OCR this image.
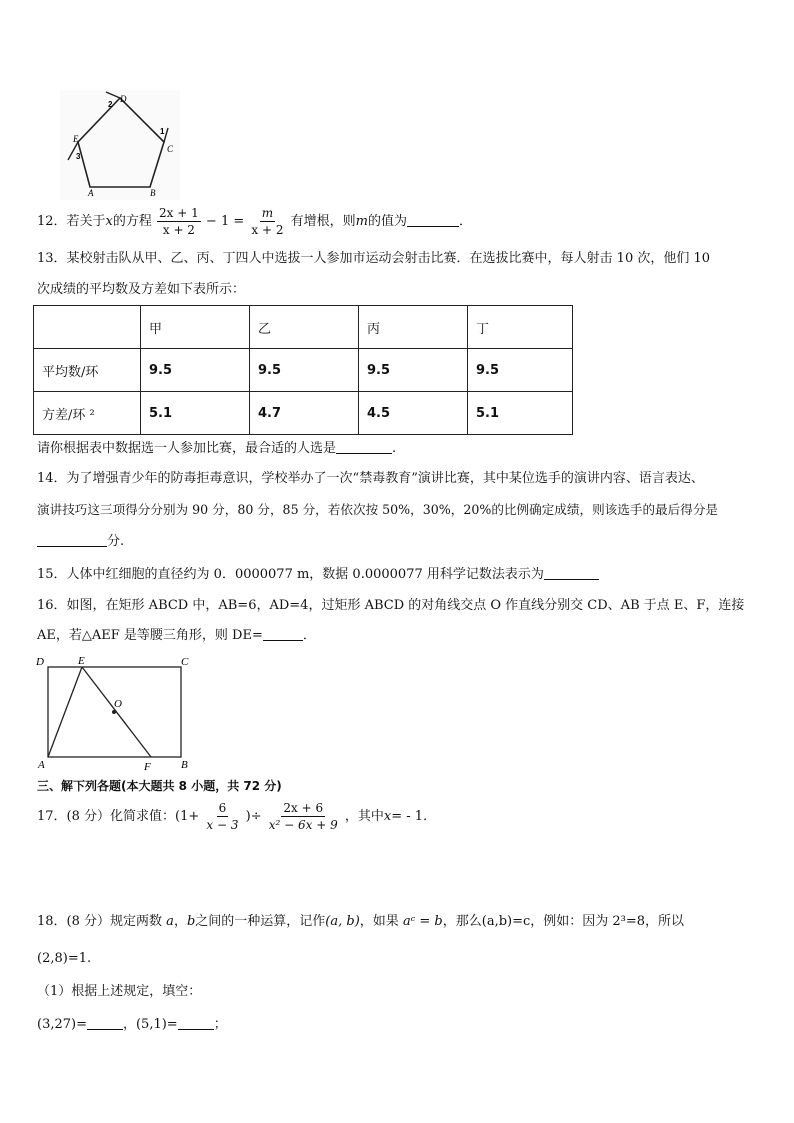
D
2
1
C
E
3
A	B
12．若关于x的方程 $\frac{2x + 1}{x + 2} - 1 = \frac{m}{x + 2}$ 有增根，则m的值为	．
13．某校射击队从甲、乙、丙、丁四人中选拔一人参加市运动会射击比赛．在选拔比赛中，每人射击 10 次，他们 10
次成绩的平均数及方差如下表所示：
	甲	乙	丙	丁
平均数/环	9.5	9.5	9.5	9.5
方差/环 ²	5.1	4.7	4.5	5.1
请你根据表中数据选一人参加比赛，最合适的人选是	.
14．为了增强青少年的防毒拒毒意识，学校举办了一次“禁毒教育”演讲比赛，其中某位选手的演讲内容、语言表达、
演讲技巧这三项得分分别为 90 分，80 分，85 分，若依次按 50%，30%，20%的比例确定成绩，则该选手的最后得分是
分.
15．人体中红细胞的直径约为 0．0000077 m，数据 0.0000077 用科学记数法表示为
16．如图，在矩形 ABCD 中，AB=6，AD=4，过矩形 ABCD 的对角线交点 O 作直线分别交 CD、AB 于点 E、F，连接
AE，若△AEF 是等腰三角形，则 DE=	．
D	E	C
O
A	F	B
三、解下列各题(本大题共 8 小题，共 72 分)
17．(8 分）化简求值：($1+ \frac{6}{x - 3}$ )÷ $\frac{2x + 6}{\text{x² − 6x + 9}}$ ，其中x= - 1．
18．(8 分）规定两数 a，b之间的一种运算，记作(a, b)，如果 aᶜ = b，那么(a,b)=c，例如：因为 2³=8，所以
(2,8)=1.
（1）根据上述规定，填空：
(3,27)=	，(5,1)=	；
